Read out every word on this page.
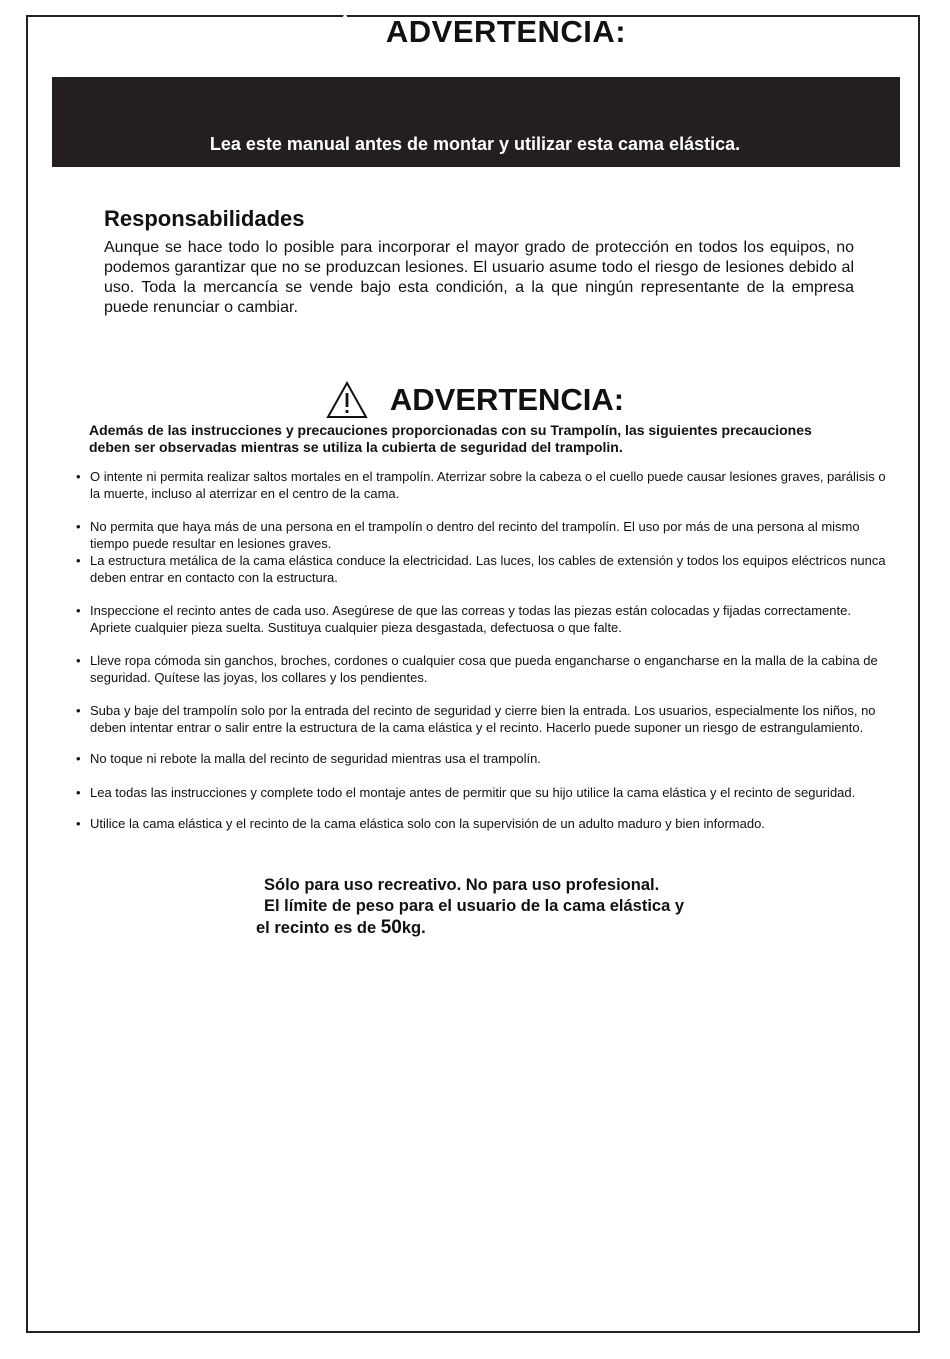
ADVERTENCIA:
Lea este manual antes de montar y utilizar esta cama elástica.

Responsabilidades

Aunque se hace todo lo posible para incorporar el mayor grado de protección en todos los equipos, no podemos garantizar que no se produzcan lesiones. El usuario asume todo el riesgo de lesiones debido al uso. Toda la mercancía se vende bajo esta condición, a la que ningún representante de la empresa puede renunciar o cambiar.

ADVERTENCIA:
Además de las instrucciones y precauciones proporcionadas con su Trampolín, las siguientes precauciones deben ser observadas mientras se utiliza la cubierta de seguridad del trampolin.
• O intente ni permita realizar saltos mortales en el trampolín. Aterrizar sobre la cabeza o el cuello puede causar lesiones graves, parálisis o la muerte, incluso al aterrizar en el centro de la cama.
• No permita que haya más de una persona en el trampolín o dentro del recinto del trampolín. El uso por más de una persona al mismo tiempo puede resultar en lesiones graves.
• La estructura metálica de la cama elástica conduce la electricidad. Las luces, los cables de extensión y todos los equipos eléctricos nunca deben entrar en contacto con la estructura.
• Inspeccione el recinto antes de cada uso. Asegúrese de que las correas y todas las piezas están colocadas y fijadas correctamente. Apriete cualquier pieza suelta. Sustituya cualquier pieza desgastada, defectuosa o que falte.
• Lleve ropa cómoda sin ganchos, broches, cordones o cualquier cosa que pueda engancharse o engancharse en la malla de la cabina de seguridad. Quítese las joyas, los collares y los pendientes.
• Suba y baje del trampolín solo por la entrada del recinto de seguridad y cierre bien la entrada. Los usuarios, especialmente los niños, no deben intentar entrar o salir entre la estructura de la cama elástica y el recinto. Hacerlo puede suponer un riesgo de estrangulamiento.
• No toque ni rebote la malla del recinto de seguridad mientras usa el trampolín.
• Lea todas las instrucciones y complete todo el montaje antes de permitir que su hijo utilice la cama elástica y el recinto de seguridad.
• Utilice la cama elástica y el recinto de la cama elástica solo con la supervisión de un adulto maduro y bien informado.
Sólo para uso recreativo. No para uso profesional.
El límite de peso para el usuario de la cama elástica y
el recinto es de 50kg.
